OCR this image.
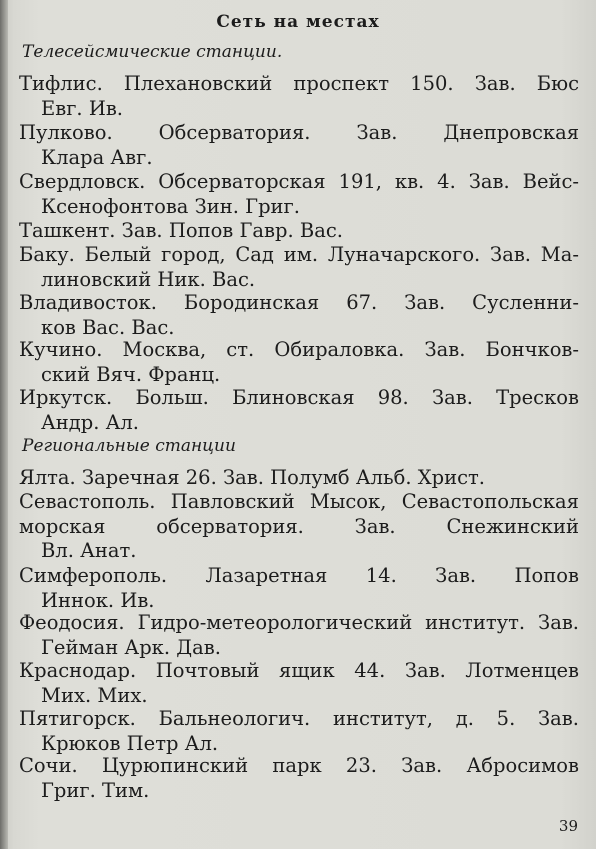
Сеть на местах
Телесейсмические станции.
Тифлис. Плехановский проспект 150. Зав. Бюс
Евг. Ив.
Пулково. Обсерватория. Зав. Днепровская
Клара Авг.
Свердловск. Обсерваторская 191, кв. 4. Зав. Вейс-
Ксенофонтова Зин. Григ.
Ташкент. Зав. Попов Гавр. Вас.
Баку. Белый город, Сад им. Луначарского. Зав. Ма-
линовский Ник. Вас.
Владивосток. Бородинская 67. Зав. Сусленни-
ков Вас. Вас.
Кучино. Москва, ст. Обираловка. Зав. Бончков-
ский Вяч. Франц.
Иркутск. Больш. Блиновская 98. Зав. Тресков
Андр. Ал.
Региональные станции
Ялта. Заречная 26. Зав. Полумб Альб. Христ.
Севастополь. Павловский Мысок, Севастопольская морская обсерватория. Зав. Снежинский
Вл. Анат.
Симферополь. Лазаретная 14. Зав. Попов
Иннок. Ив.
Феодосия. Гидро-метеорологический институт. Зав.
Гейман Арк. Дав.
Краснодар. Почтовый ящик 44. Зав. Лотменцев
Мих. Мих.
Пятигорск. Бальнеологич. институт, д. 5. Зав.
Крюков Петр Ал.
Сочи. Цурюпинский парк 23. Зав. Абросимов
Григ. Тим.
39
